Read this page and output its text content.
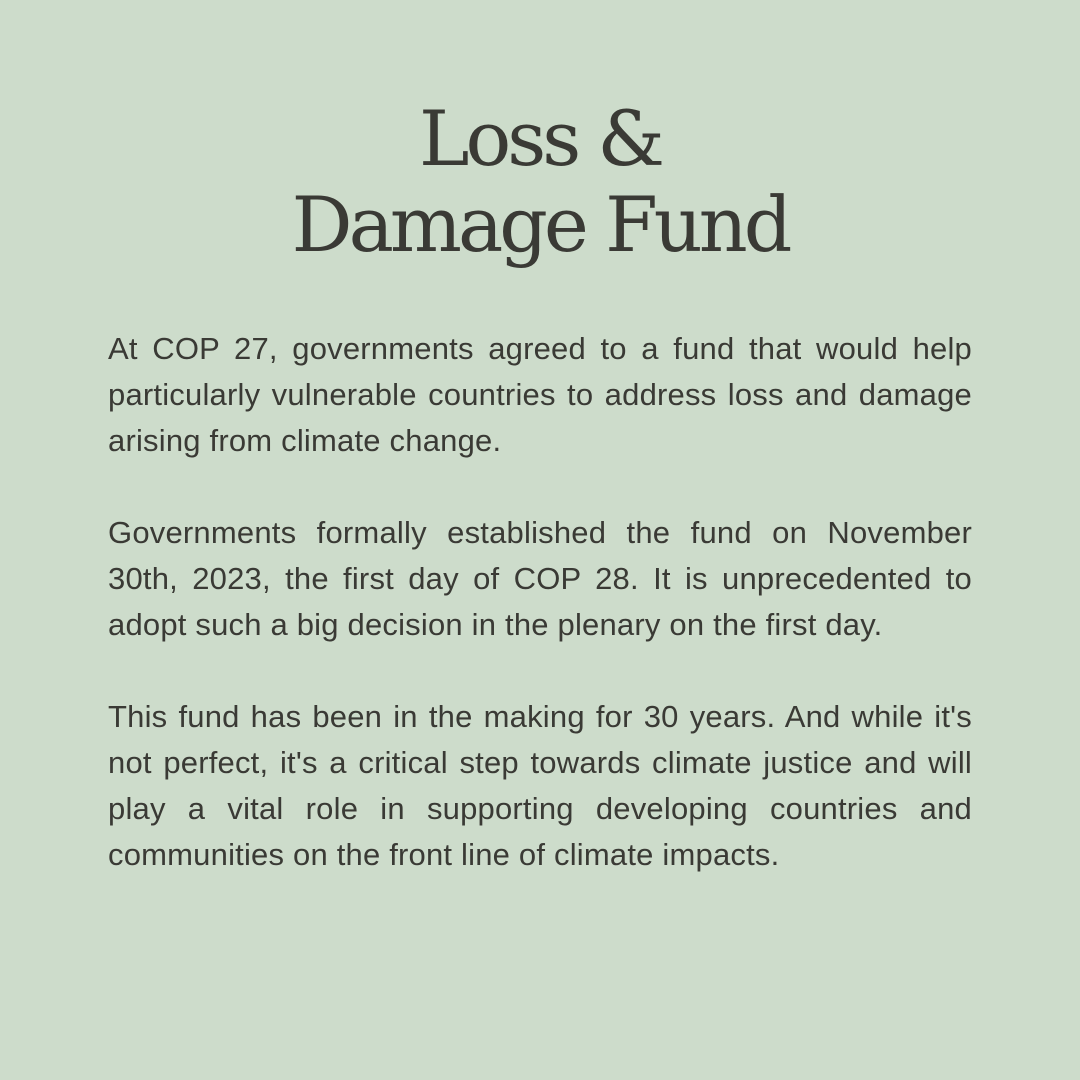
Loss &
Damage Fund

At COP 27, governments agreed to a fund that would help particularly vulnerable countries to address loss and damage arising from climate change.

Governments formally established the fund on November 30th, 2023, the first day of COP 28. It is unprecedented to adopt such a big decision in the plenary on the first day.

This fund has been in the making for 30 years. And while it's not perfect, it's a critical step towards climate justice and will play a vital role in supporting developing countries and communities on the front line of climate impacts.
